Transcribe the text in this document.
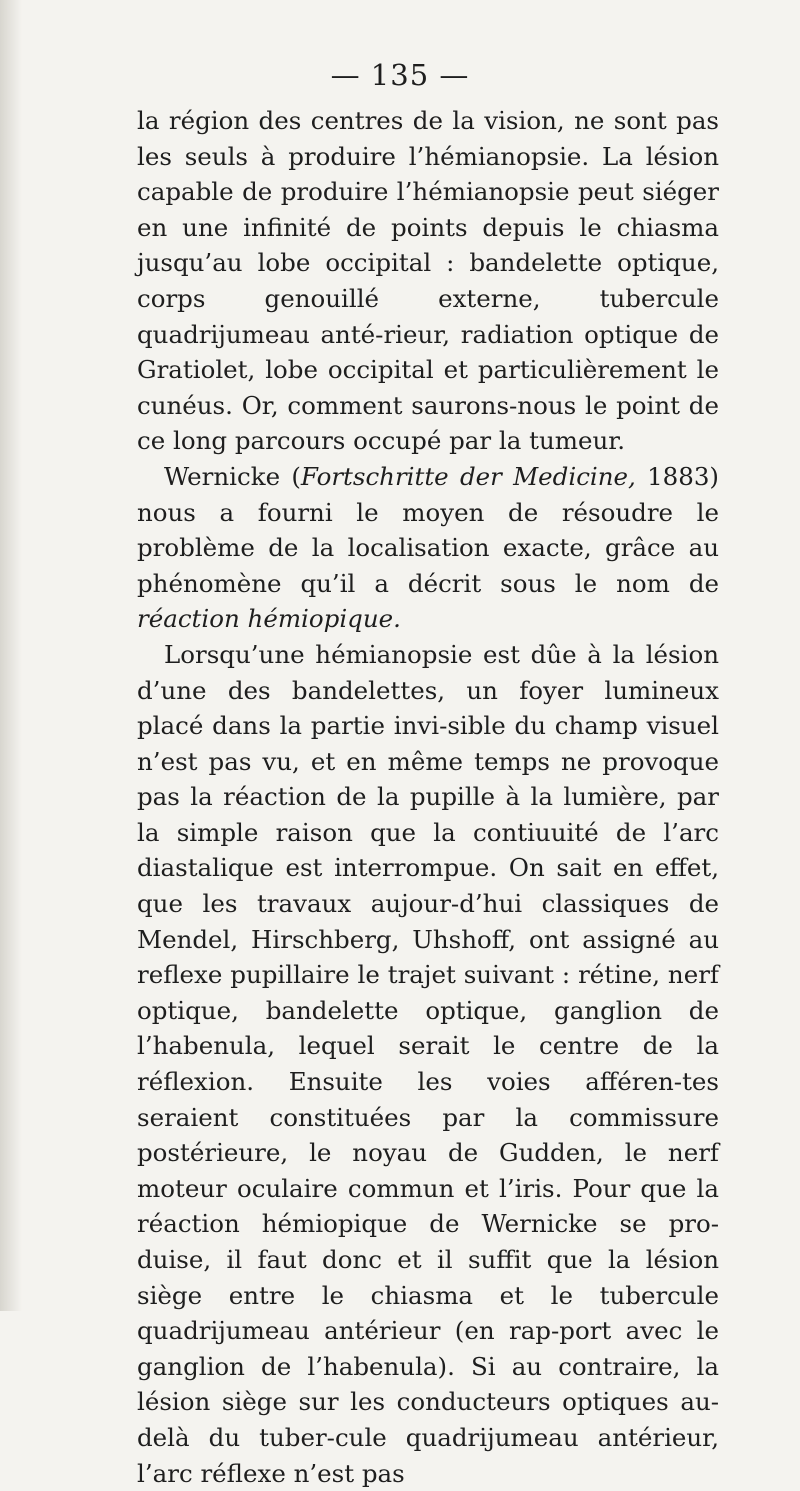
— 135 —

la région des centres de la vision, ne sont pas les seuls à produire l’hémianopsie. La lésion capable de produire l’hémianopsie peut siéger en une infinité de points depuis le chiasma jusqu’au lobe occipital : bandelette optique, corps genouillé externe, tubercule quadrijumeau anté-rieur, radiation optique de Gratiolet, lobe occipital et particulièrement le cunéus. Or, comment saurons-nous le point de ce long parcours occupé par la tumeur.

Wernicke (Fortschritte der Medicine, 1883) nous a fourni le moyen de résoudre le problème de la localisation exacte, grâce au phénomène qu’il a décrit sous le nom de réaction hémiopique.

Lorsqu’une hémianopsie est dûe à la lésion d’une des bandelettes, un foyer lumineux placé dans la partie invi-sible du champ visuel n’est pas vu, et en même temps ne provoque pas la réaction de la pupille à la lumière, par la simple raison que la contiuuité de l’arc diastalique est interrompue. On sait en effet, que les travaux aujour-d’hui classiques de Mendel, Hirschberg, Uhshoff, ont assigné au reflexe pupillaire le trajet suivant : rétine, nerf optique, bandelette optique, ganglion de l’habenula, lequel serait le centre de la réflexion. Ensuite les voies afféren-tes seraient constituées par la commissure postérieure, le noyau de Gudden, le nerf moteur oculaire commun et l’iris. Pour que la réaction hémiopique de Wernicke se pro-duise, il faut donc et il suffit que la lésion siège entre le chiasma et le tubercule quadrijumeau antérieur (en rap-port avec le ganglion de l’habenula). Si au contraire, la lésion siège sur les conducteurs optiques au-delà du tuber-cule quadrijumeau antérieur, l’arc réflexe n’est pas
